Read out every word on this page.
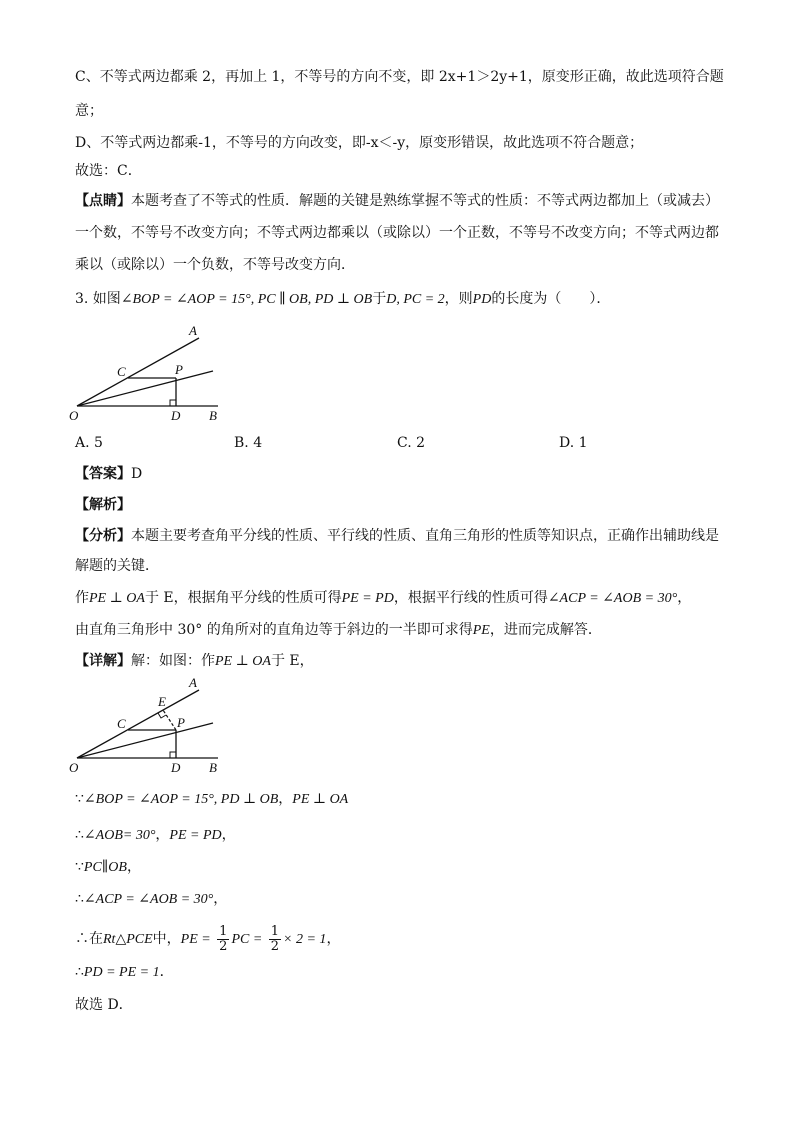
C、不等式两边都乘 2，再加上 1，不等号的方向不变，即 2x+1＞2y+1，原变形正确，故此选项符合题
意；
D、不等式两边都乘-1，不等号的方向改变，即-x＜-y，原变形错误，故此选项不符合题意；
故选：C．
【点睛】本题考查了不等式的性质．解题的关键是熟练掌握不等式的性质：不等式两边都加上（或减去）
一个数，不等号不改变方向；不等式两边都乘以（或除以）一个正数，不等号不改变方向；不等式两边都
乘以（或除以）一个负数，不等号改变方向．
3. 如图∠BOP = ∠AOP = 15°, PC ∥ OB, PD ⊥ OB于D, PC = 2，则PD的长度为（　　）．
A
C	P
O	D B
A. 5	B. 4	C. 2	D. 1
【答案】D
【解析】
【分析】本题主要考查角平分线的性质、平行线的性质、直角三角形的性质等知识点，正确作出辅助线是
解题的关键．
作PE ⊥ OA于 E，根据角平分线的性质可得PE = PD，根据平行线的性质可得∠ACP = ∠AOB = 30°，
由直角三角形中 30° 的角所对的直角边等于斜边的一半即可求得PE，进而完成解答．
【详解】解：如图：作PE ⊥ OA于 E，
A
E
C	P
O	D B
∵∠BOP = ∠AOP = 15°, PD ⊥ OB，PE ⊥ OA
∴∠AOB= 30°，PE = PD，
∵PC∥OB，
∴∠ACP = ∠AOB = 30°，
∴在Rt△PCE中，PE = $\frac{1}{2}$ PC = $\frac{1}{2} \times 2 = 1$，
∴PD = PE = 1．
故选 D．
